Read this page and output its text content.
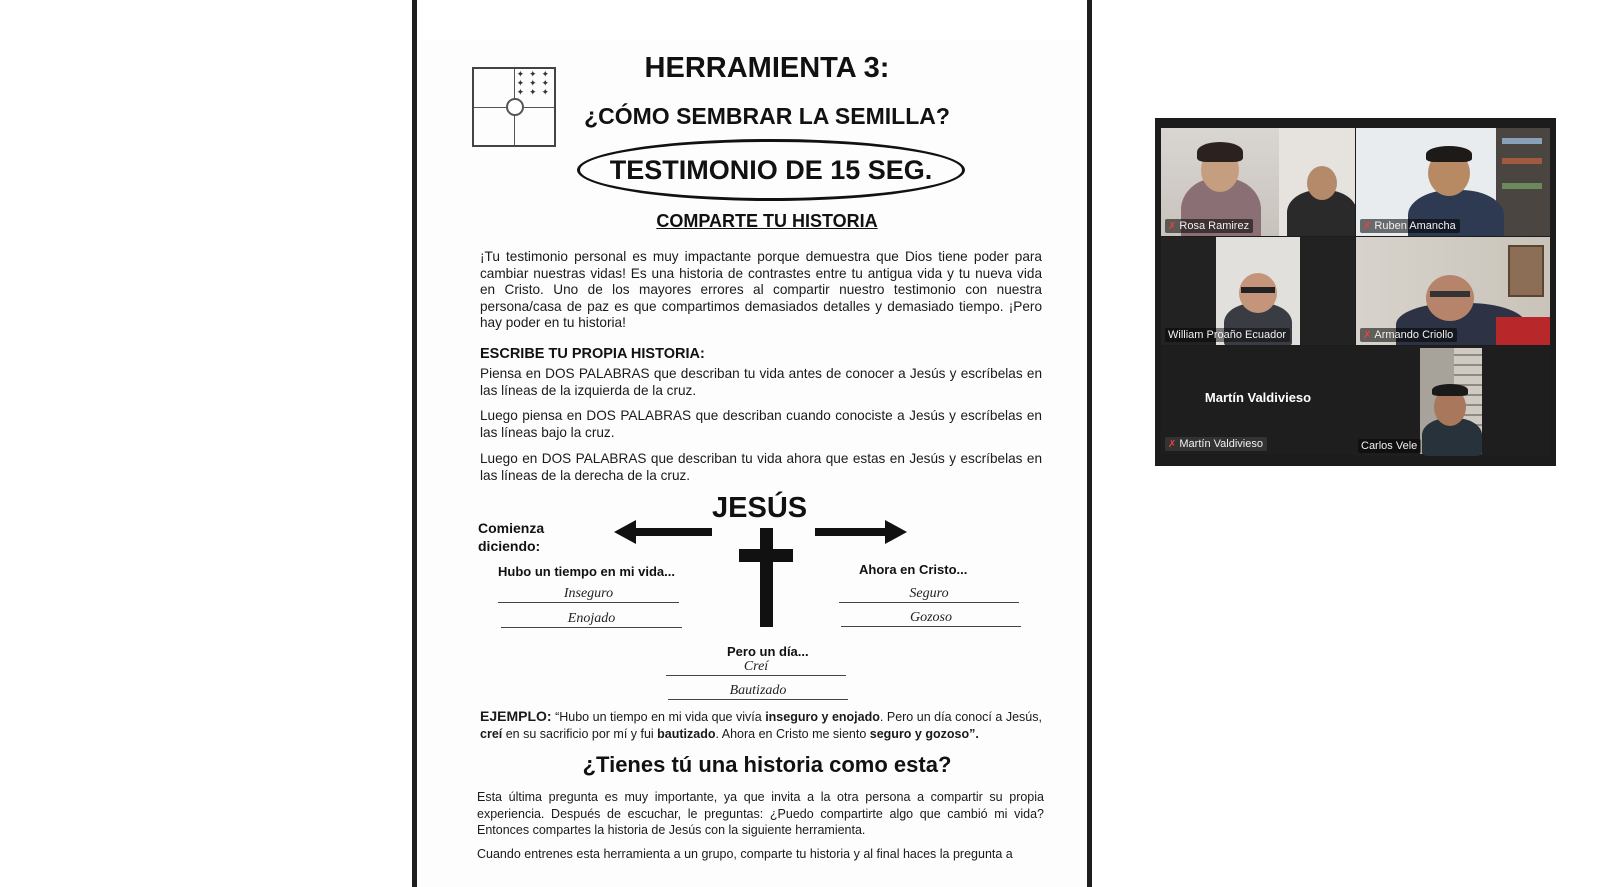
✦ ✦ ✦
✦ ✦ ✦
✦ ✦ ✦
HERRAMIENTA 3:
¿CÓMO SEMBRAR LA SEMILLA?
TESTIMONIO DE 15 SEG.
COMPARTE TU HISTORIA
¡Tu testimonio personal es muy impactante porque demuestra que Dios tiene poder para cambiar nuestras vidas! Es una historia de contrastes entre tu antigua vida y tu nueva vida en Cristo. Uno de los mayores errores al compartir nuestro testimonio con nuestra persona/casa de paz es que compartimos demasiados detalles y demasiado tiempo. ¡Pero hay poder en tu historia!
ESCRIBE TU PROPIA HISTORIA:
Piensa en DOS PALABRAS que describan tu vida antes de conocer a Jesús y escríbelas en las líneas de la izquierda de la cruz.
Luego piensa en DOS PALABRAS que describan cuando conociste a Jesús y escríbelas en las líneas bajo la cruz.
Luego en DOS PALABRAS que describan tu vida ahora que estas en Jesús y escríbelas en las líneas de la derecha de la cruz.
Comienza
diciendo:
JESÚS
Hubo un tiempo en mi vida...
Inseguro
Enojado
Ahora en Cristo...
Seguro
Gozoso
Pero un día...
Creí
Bautizado
EJEMPLO: “Hubo un tiempo en mi vida que vivía inseguro y enojado. Pero un día conocí a Jesús, creí en su sacrificio por mí y fui bautizado. Ahora en Cristo me siento seguro y gozoso”.
¿Tienes tú una historia como esta?
Esta última pregunta es muy importante, ya que invita a la otra persona a compartir su propia experiencia. Después de escuchar, le preguntas: ¿Puedo compartirte algo que cambió mi vida? Entonces compartes la historia de Jesús con la siguiente herramienta.
Cuando entrenes esta herramienta a un grupo, comparte tu historia y al final haces la pregunta a
✗ Rosa Ramirez	✗ Ruben Amancha
William Proaño Ecuador	✗ Armando Criollo
Martín Valdivieso
✗ Martín Valdivieso	Carlos Vele
